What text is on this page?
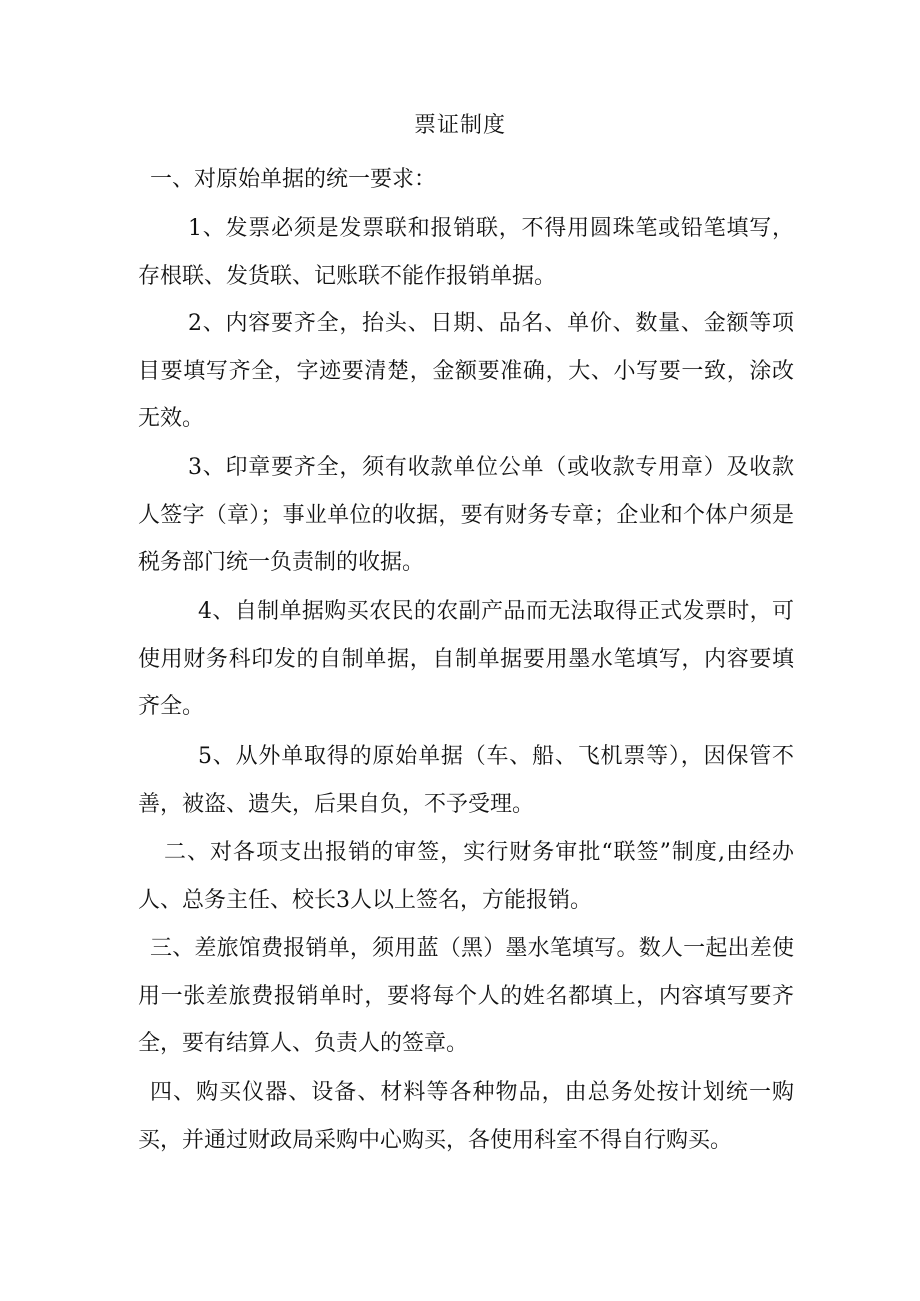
票证制度

一、对原始单据的统一要求：

1、发票必须是发票联和报销联，不得用圆珠笔或铅笔填写，存根联、发货联、记账联不能作报销单据。

2、内容要齐全，抬头、日期、品名、单价、数量、金额等项目要填写齐全，字迹要清楚，金额要准确，大、小写要一致，涂改无效。

3、印章要齐全，须有收款单位公单（或收款专用章）及收款人签字（章）；事业单位的收据，要有财务专章；企业和个体户须是税务部门统一负责制的收据。

4、自制单据购买农民的农副产品而无法取得正式发票时，可使用财务科印发的自制单据，自制单据要用墨水笔填写，内容要填齐全。

5、从外单取得的原始单据（车、船、飞机票等），因保管不善，被盗、遗失，后果自负，不予受理。

二、对各项支出报销的审签，实行财务审批“联签”制度,由经办人、总务主任、校长3人以上签名，方能报销。

三、差旅馆费报销单，须用蓝（黑）墨水笔填写。数人一起出差使用一张差旅费报销单时，要将每个人的姓名都填上，内容填写要齐全，要有结算人、负责人的签章。

四、购买仪器、设备、材料等各种物品，由总务处按计划统一购买，并通过财政局采购中心购买，各使用科室不得自行购买。
